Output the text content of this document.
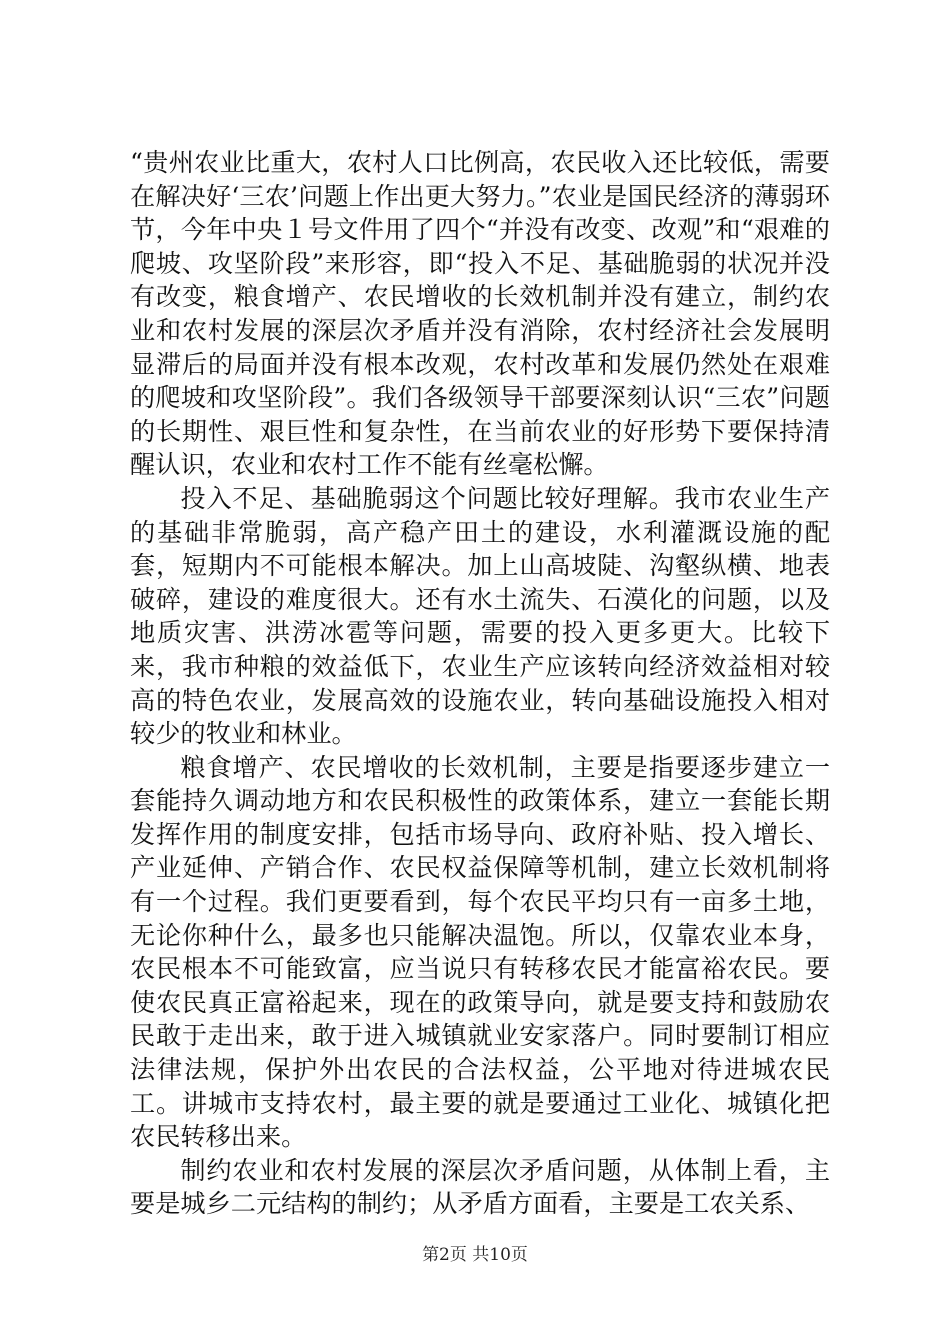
“贵州农业比重大，农村人口比例高，农民收入还比较低，需要在解决好‘三农’问题上作出更大努力。”农业是国民经济的薄弱环节，今年中央１号文件用了四个“并没有改变、改观”和“艰难的爬坡、攻坚阶段”来形容，即“投入不足、基础脆弱的状况并没有改变，粮食增产、农民增收的长效机制并没有建立，制约农业和农村发展的深层次矛盾并没有消除，农村经济社会发展明显滞后的局面并没有根本改观，农村改革和发展仍然处在艰难的爬坡和攻坚阶段”。我们各级领导干部要深刻认识“三农”问题的长期性、艰巨性和复杂性，在当前农业的好形势下要保持清醒认识，农业和农村工作不能有丝毫松懈。

投入不足、基础脆弱这个问题比较好理解。我市农业生产的基础非常脆弱，高产稳产田土的建设，水利灌溉设施的配套，短期内不可能根本解决。加上山高坡陡、沟壑纵横、地表破碎，建设的难度很大。还有水土流失、石漠化的问题，以及地质灾害、洪涝冰雹等问题，需要的投入更多更大。比较下来，我市种粮的效益低下，农业生产应该转向经济效益相对较高的特色农业，发展高效的设施农业，转向基础设施投入相对较少的牧业和林业。

粮食增产、农民增收的长效机制，主要是指要逐步建立一套能持久调动地方和农民积极性的政策体系，建立一套能长期发挥作用的制度安排，包括市场导向、政府补贴、投入增长、产业延伸、产销合作、农民权益保障等机制，建立长效机制将有一个过程。我们更要看到，每个农民平均只有一亩多土地，无论你种什么，最多也只能解决温饱。所以，仅靠农业本身，农民根本不可能致富，应当说只有转移农民才能富裕农民。要使农民真正富裕起来，现在的政策导向，就是要支持和鼓励农民敢于走出来，敢于进入城镇就业安家落户。同时要制订相应法律法规，保护外出农民的合法权益，公平地对待进城农民工。讲城市支持农村，最主要的就是要通过工业化、城镇化把农民转移出来。

制约农业和农村发展的深层次矛盾问题，从体制上看，主要是城乡二元结构的制约；从矛盾方面看，主要是工农关系、

第2页 共10页
